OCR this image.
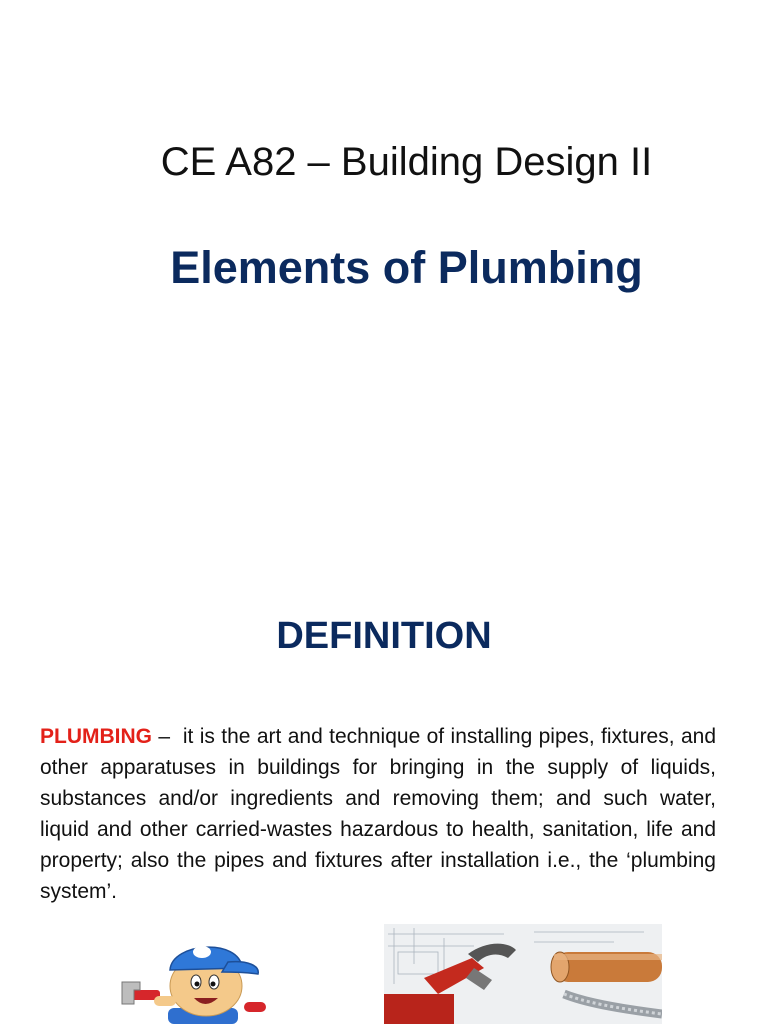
CE A82 – Building Design II
Elements of Plumbing
DEFINITION

PLUMBING –  it is the art and technique of installing pipes, fixtures, and other apparatuses in buildings for bringing in the supply of liquids, substances and/or ingredients and removing them; and such water, liquid and other carried-wastes hazardous to health, sanitation, life and property; also the pipes and fixtures after installation i.e., the ‘plumbing system’.
